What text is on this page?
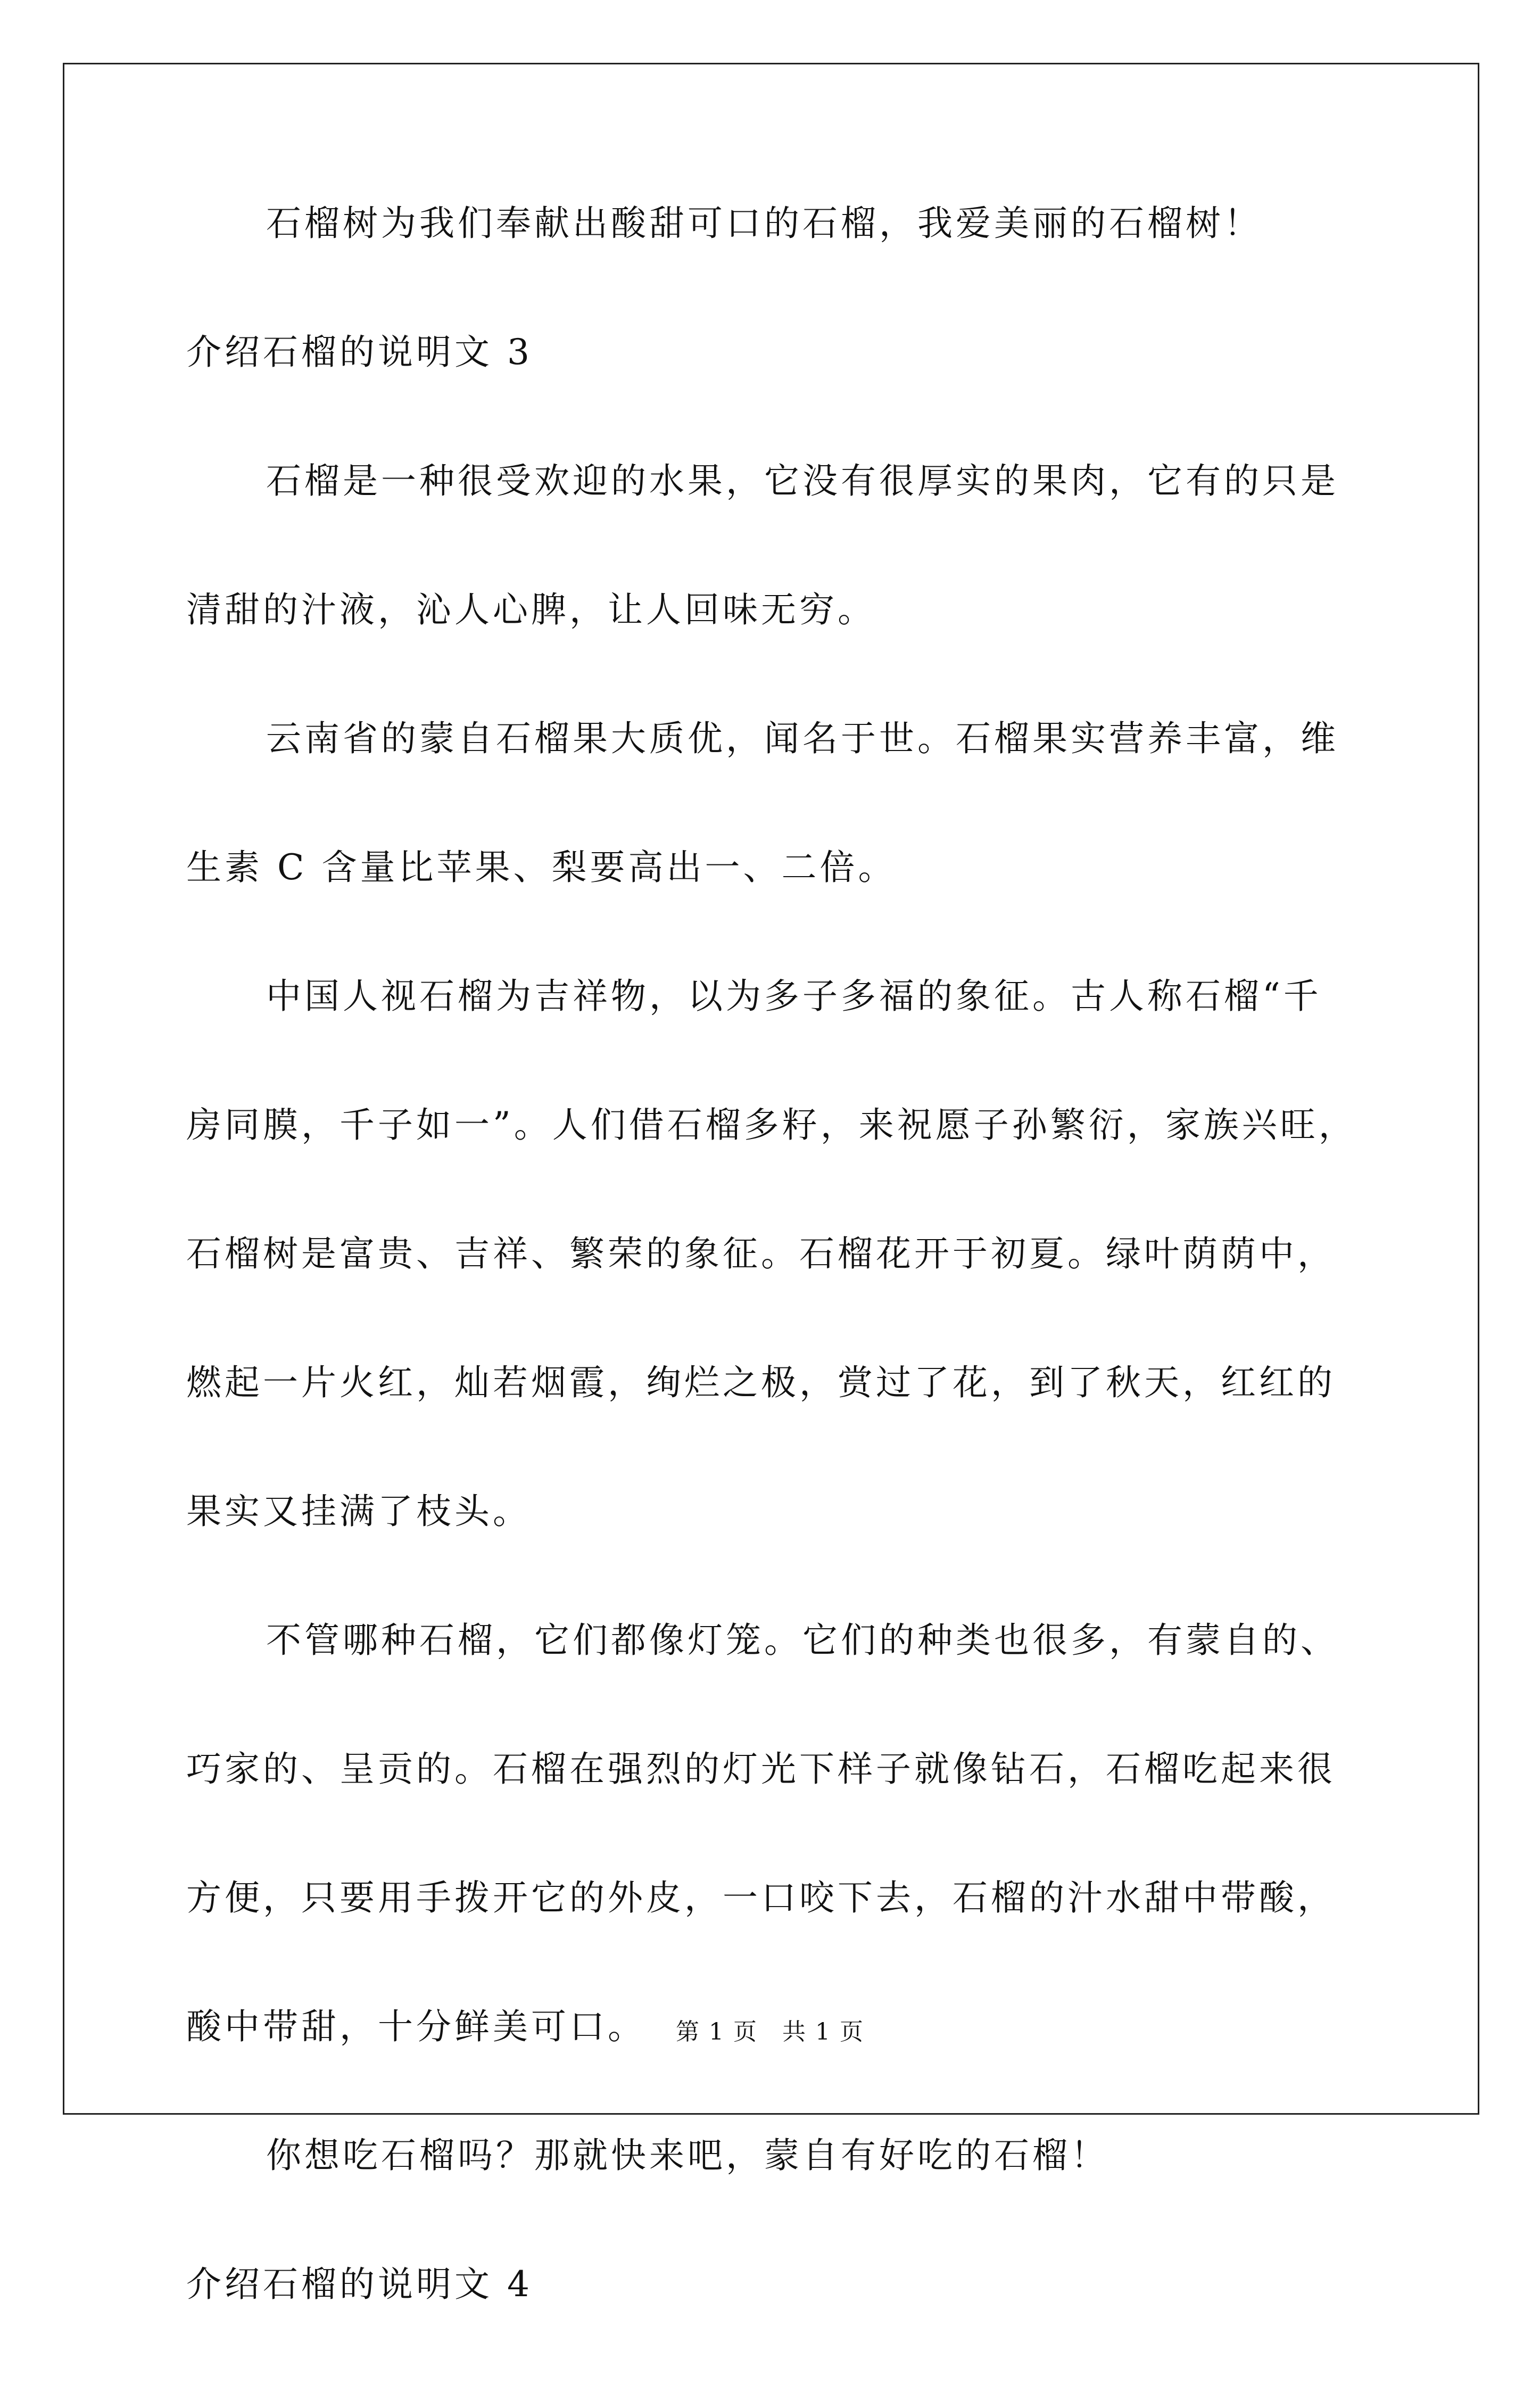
石榴树为我们奉献出酸甜可口的石榴，我爱美丽的石榴树！
介绍石榴的说明文 3
石榴是一种很受欢迎的水果，它没有很厚实的果肉，它有的只是
清甜的汁液，沁人心脾，让人回味无穷。
云南省的蒙自石榴果大质优，闻名于世。石榴果实营养丰富，维
生素 C 含量比苹果、梨要高出一、二倍。
中国人视石榴为吉祥物，以为多子多福的象征。古人称石榴“千
房同膜，千子如一”。人们借石榴多籽，来祝愿子孙繁衍，家族兴旺，
石榴树是富贵、吉祥、繁荣的象征。石榴花开于初夏。绿叶荫荫中，
燃起一片火红，灿若烟霞，绚烂之极，赏过了花，到了秋天，红红的
果实又挂满了枝头。
不管哪种石榴，它们都像灯笼。它们的种类也很多，有蒙自的、
巧家的、呈贡的。石榴在强烈的灯光下样子就像钻石，石榴吃起来很
方便，只要用手拨开它的外皮，一口咬下去，石榴的汁水甜中带酸，
酸中带甜，十分鲜美可口。
你想吃石榴吗？那就快来吧，蒙自有好吃的石榴！
介绍石榴的说明文 4
第 1 页　共 1 页
